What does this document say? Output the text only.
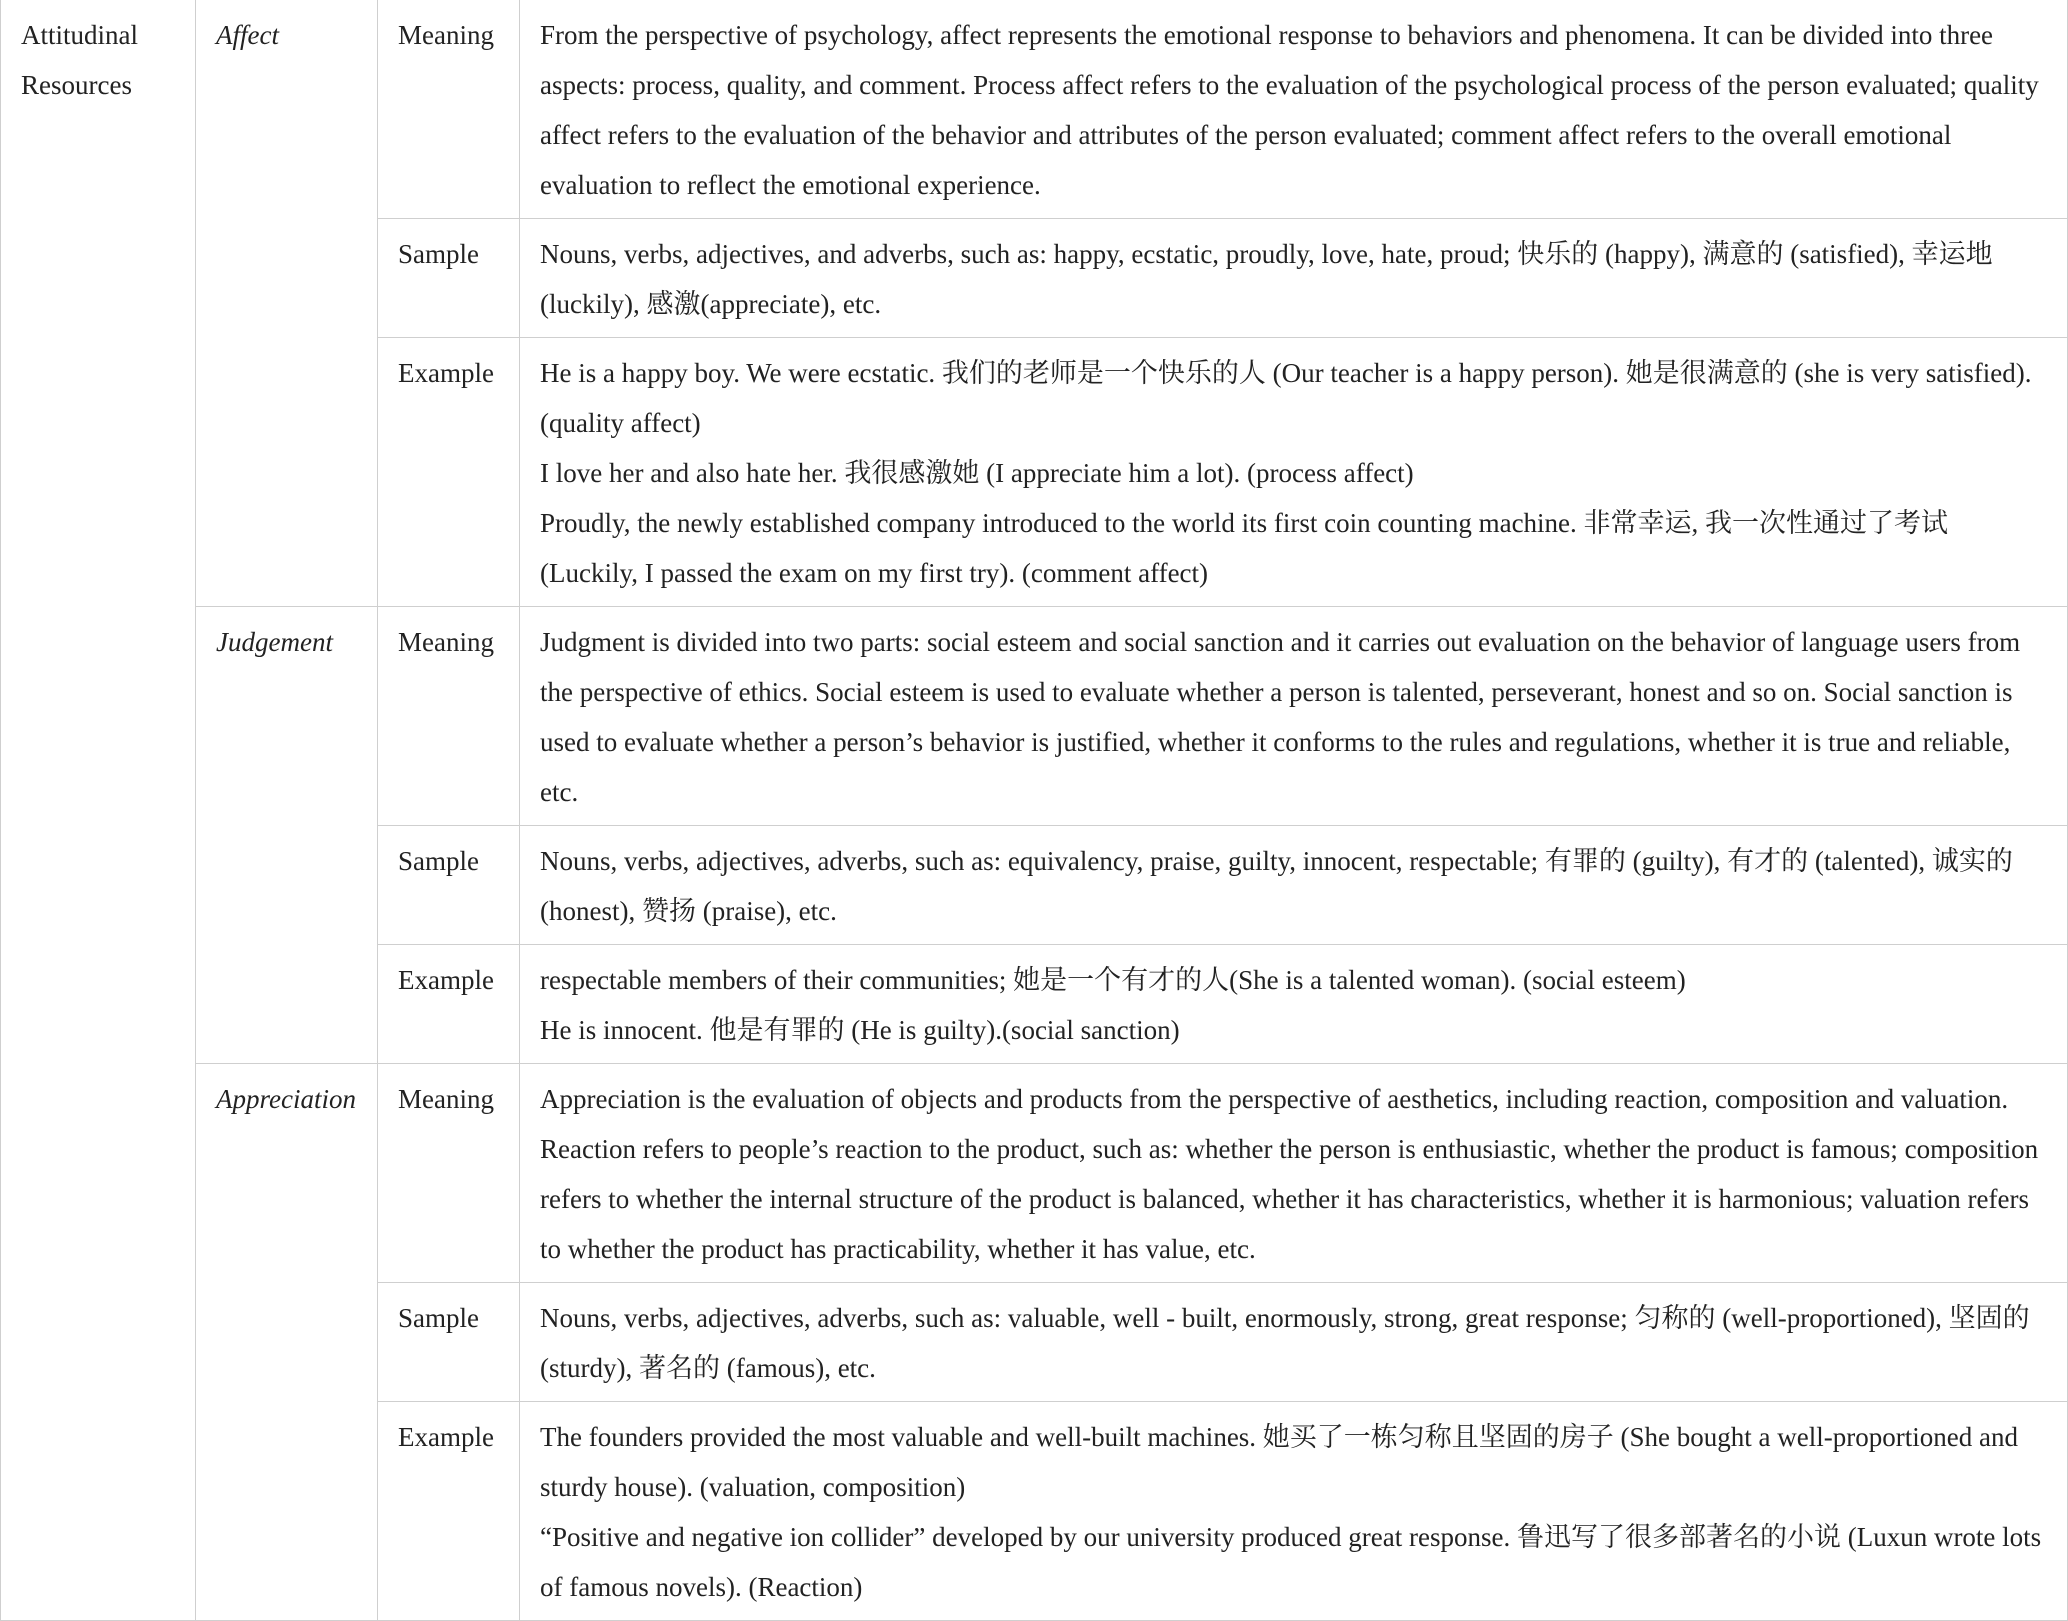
Attitudinal Resources	Affect	Meaning	From the perspective of psychology, affect represents the emotional response to behaviors and phenomena. It can be divided into three aspects: process, quality, and comment. Process affect refers to the evaluation of the psychological process of the person evaluated; quality affect refers to the evaluation of the behavior and attributes of the person evaluated; comment affect refers to the overall emotional evaluation to reflect the emotional experience.

		Sample	Nouns, verbs, adjectives, and adverbs, such as: happy, ecstatic, proudly, love, hate, proud; 快乐的 (happy), 满意的 (satisfied), 幸运地 (luckily), 感激(appreciate), etc.

		Example	He is a happy boy. We were ecstatic. 我们的老师是一个快乐的人 (Our teacher is a happy person). 她是很满意的 (she is very satisfied). (quality affect)
I love her and also hate her. 我很感激她 (I appreciate him a lot). (process affect)
Proudly, the newly established company introduced to the world its first coin counting machine. 非常幸运, 我一次性通过了考试 (Luckily, I passed the exam on my first try). (comment affect)

	Judgement	Meaning	Judgment is divided into two parts: social esteem and social sanction and it carries out evaluation on the behavior of language users from the perspective of ethics. Social esteem is used to evaluate whether a person is talented, perseverant, honest and so on. Social sanction is used to evaluate whether a person’s behavior is justified, whether it conforms to the rules and regulations, whether it is true and reliable, etc.

		Sample	Nouns, verbs, adjectives, adverbs, such as: equivalency, praise, guilty, innocent, respectable; 有罪的 (guilty), 有才的 (talented), 诚实的 (honest), 赞扬 (praise), etc.

		Example	respectable members of their communities; 她是一个有才的人(She is a talented woman). (social esteem)
He is innocent. 他是有罪的 (He is guilty).(social sanction)

	Appreciation	Meaning	Appreciation is the evaluation of objects and products from the perspective of aesthetics, including reaction, composition and valuation. Reaction refers to people’s reaction to the product, such as: whether the person is enthusiastic, whether the product is famous; composition refers to whether the internal structure of the product is balanced, whether it has characteristics, whether it is harmonious; valuation refers to whether the product has practicability, whether it has value, etc.

		Sample	Nouns, verbs, adjectives, adverbs, such as: valuable, well - built, enormously, strong, great response; 匀称的 (well-proportioned), 坚固的 (sturdy), 著名的 (famous), etc.

		Example	The founders provided the most valuable and well-built machines. 她买了一栋匀称且坚固的房子 (She bought a well-proportioned and sturdy house). (valuation, composition)
“Positive and negative ion collider” developed by our university produced great response. 鲁迅写了很多部著名的小说 (Luxun wrote lots of famous novels). (Reaction)
